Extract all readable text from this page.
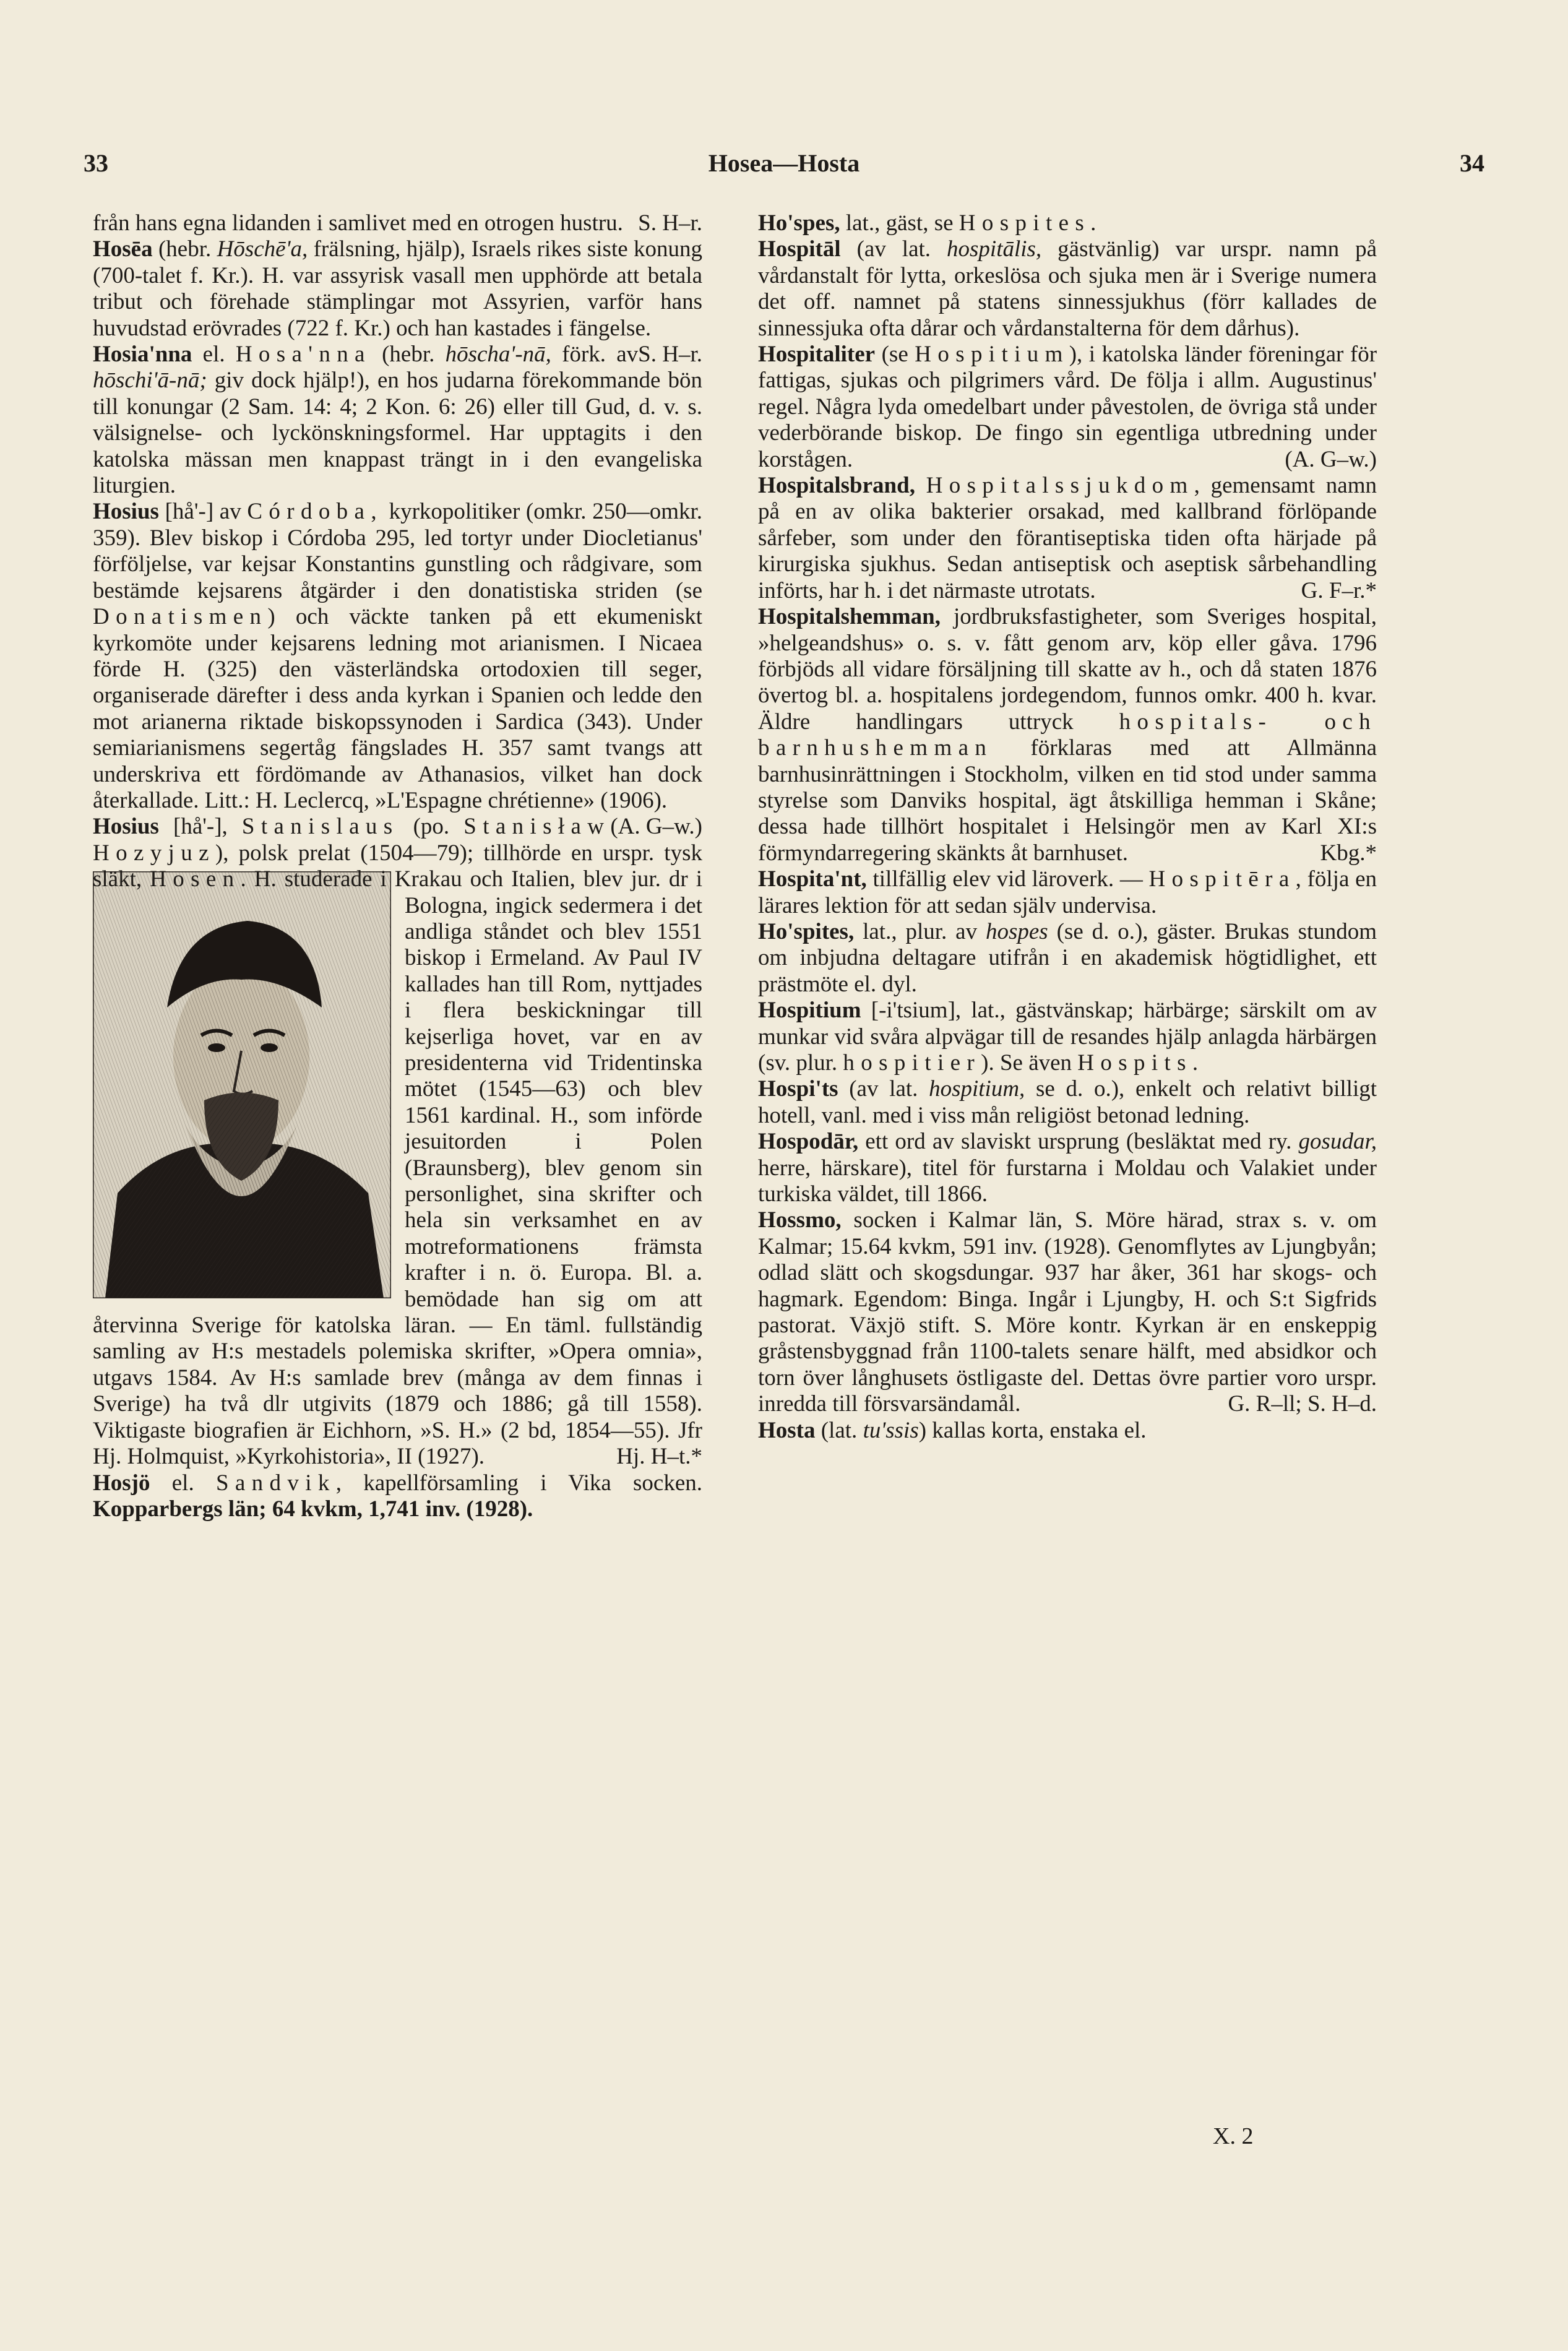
33	Hosea—Hosta	34

från hans egna lidanden i samlivet med en otrogen hustru. S. H–r.

Hosēa (hebr. Hōschē'a, frälsning, hjälp), Israels rikes siste konung (700-talet f. Kr.). H. var assyrisk vasall men upphörde att betala tribut och förehade stämplingar mot Assyrien, varför hans huvudstad erövrades (722 f. Kr.) och han kastades i fängelse.
S. H–r.

Hosia'nna el. Hosa'nna (hebr. hōscha'-nā, förk. av hōschi'ā-nā; giv dock hjälp!), en hos judarna förekommande bön till konungar (2 Sam. 14: 4; 2 Kon. 6: 26) eller till Gud, d. v. s. välsignelse- och lyckönskningsformel. Har upptagits i den katolska mässan men knappast trängt in i den evangeliska liturgien.

Hosius [hå'-] av Córdoba, kyrkopolitiker (omkr. 250—omkr. 359). Blev biskop i Córdoba 295, led tortyr under Diocletianus' förföljelse, var kejsar Konstantins gunstling och rådgivare, som bestämde kejsarens åtgärder i den donatistiska striden (se Donatismen) och väckte tanken på ett ekumeniskt kyrkomöte under kejsarens ledning mot arianismen. I Nicaea förde H. (325) den västerländska ortodoxien till seger, organiserade därefter i dess anda kyrkan i Spanien och ledde den mot arianerna riktade biskopssynoden i Sardica (343). Under semiarianismens segertåg fängslades H. 357 samt tvangs att underskriva ett fördömande av Athanasios, vilket han dock återkallade. Litt.: H. Leclercq, »L'Espagne chrétienne» (1906).
(A. G–w.)

Hosius [hå'-], Stanislaus (po. Stanisław Hozyjuz), polsk prelat (1504—79); tillhörde en urspr. tysk släkt, Hosen
. H. studerade i Krakau och Italien, blev jur. dr i Bologna, ingick sedermera i det andliga ståndet och blev 1551 biskop i Ermeland. Av Paul IV kallades han till Rom, nyttjades i flera beskickningar till kejserliga hovet, var en av presidenterna vid Tridentinska mötet (1545—63) och blev 1561 kardinal. H., som införde jesuitorden i Polen (Braunsberg), blev genom sin personlighet, sina skrifter och hela sin verksamhet en av motreformationens främsta krafter i n. ö. Europa. Bl. a. bemödade han sig om att återvinna Sverige för katolska läran. — En täml. fullständig samling av H:s mestadels polemiska skrifter, »Opera omnia», utgavs 1584. Av H:s samlade brev (många av dem finnas i Sverige) ha två dlr utgivits (1879 och 1886; gå till 1558). Viktigaste biografien är Eichhorn, »S. H.» (2 bd, 1854—55). Jfr Hj. Holmquist, »Kyrkohistoria», II (1927).	Hj. H–t.*

Hosjö el. Sandvik, kapellförsamling i Vika socken. Kopparbergs län; 64 kvkm, 1,741 inv. (1928).

Ho'spes, lat., gäst, se Hospites.

Hospitāl (av lat. hospitālis, gästvänlig) var urspr. namn på vårdanstalt för lytta, orkeslösa och sjuka men är i Sverige numera det off. namnet på statens sinnessjukhus (förr kallades de sinnessjuka ofta dårar och vårdanstalterna för dem dårhus).

Hospitaliter (se Hospitium), i katolska länder föreningar för fattigas, sjukas och pilgrimers vård. De följa i allm. Augustinus' regel. Några lyda omedelbart under påvestolen, de övriga stå under vederbörande biskop. De fingo sin egentliga utbredning under korstågen.	(A. G–w.)

Hospitalsbrand, Hospitalssjukdom, gemensamt namn på en av olika bakterier orsakad, med kallbrand förlöpande sårfeber, som under den förantiseptiska tiden ofta härjade på kirurgiska sjukhus. Sedan antiseptisk och aseptisk sårbehandling införts, har h. i det närmaste utrotats.	G. F–r.*

Hospitalshemman, jordbruksfastigheter, som Sveriges hospital, »helgeandshus» o. s. v. fått genom arv, köp eller gåva. 1796 förbjöds all vidare försäljning till skatte av h., och då staten 1876 övertog bl. a. hospitalens jordegendom, funnos omkr. 400 h. kvar. Äldre handlingars uttryck hospitals- och barnhushemman förklaras med att Allmänna barnhusinrättningen i Stockholm, vilken en tid stod under samma styrelse som Danviks hospital, ägt åtskilliga hemman i Skåne; dessa hade tillhört hospitalet i Helsingör men av Karl XI:s förmyndarregering skänkts åt barnhuset.	Kbg.*

Hospita'nt, tillfällig elev vid läroverk. — Hospitēra, följa en lärares lektion för att sedan själv undervisa.

Ho'spites, lat., plur. av hospes (se d. o.), gäster. Brukas stundom om inbjudna deltagare utifrån i en akademisk högtidlighet, ett prästmöte el. dyl.

Hospitium [-i'tsium], lat., gästvänskap; härbärge; särskilt om av munkar vid svåra alpvägar till de resandes hjälp anlagda härbärgen (sv. plur. hospitier). Se även Hospits.

Hospi'ts (av lat. hospitium, se d. o.), enkelt och relativt billigt hotell, vanl. med i viss mån religiöst betonad ledning.

Hospodār, ett ord av slaviskt ursprung (besläktat med ry. gosudar, herre, härskare), titel för furstarna i Moldau och Valakiet under turkiska väldet, till 1866.

Hossmo, socken i Kalmar län, S. Möre härad, strax s. v. om Kalmar; 15.64 kvkm, 591 inv. (1928). Genomflytes av Ljungbyån; odlad slätt och skogsdungar. 937 har åker, 361 har skogs- och hagmark. Egendom: Binga. Ingår i Ljungby, H. och S:t Sigfrids pastorat. Växjö stift. S. Möre kontr. Kyrkan är en enskeppig gråstensbyggnad från 1100-talets senare hälft, med absidkor och torn över långhusets östligaste del. Dettas övre partier voro urspr. inredda till försvarsändamål.	G. R–ll; S. H–d.

Hosta (lat. tu'ssis) kallas korta, enstaka el.

X. 2
